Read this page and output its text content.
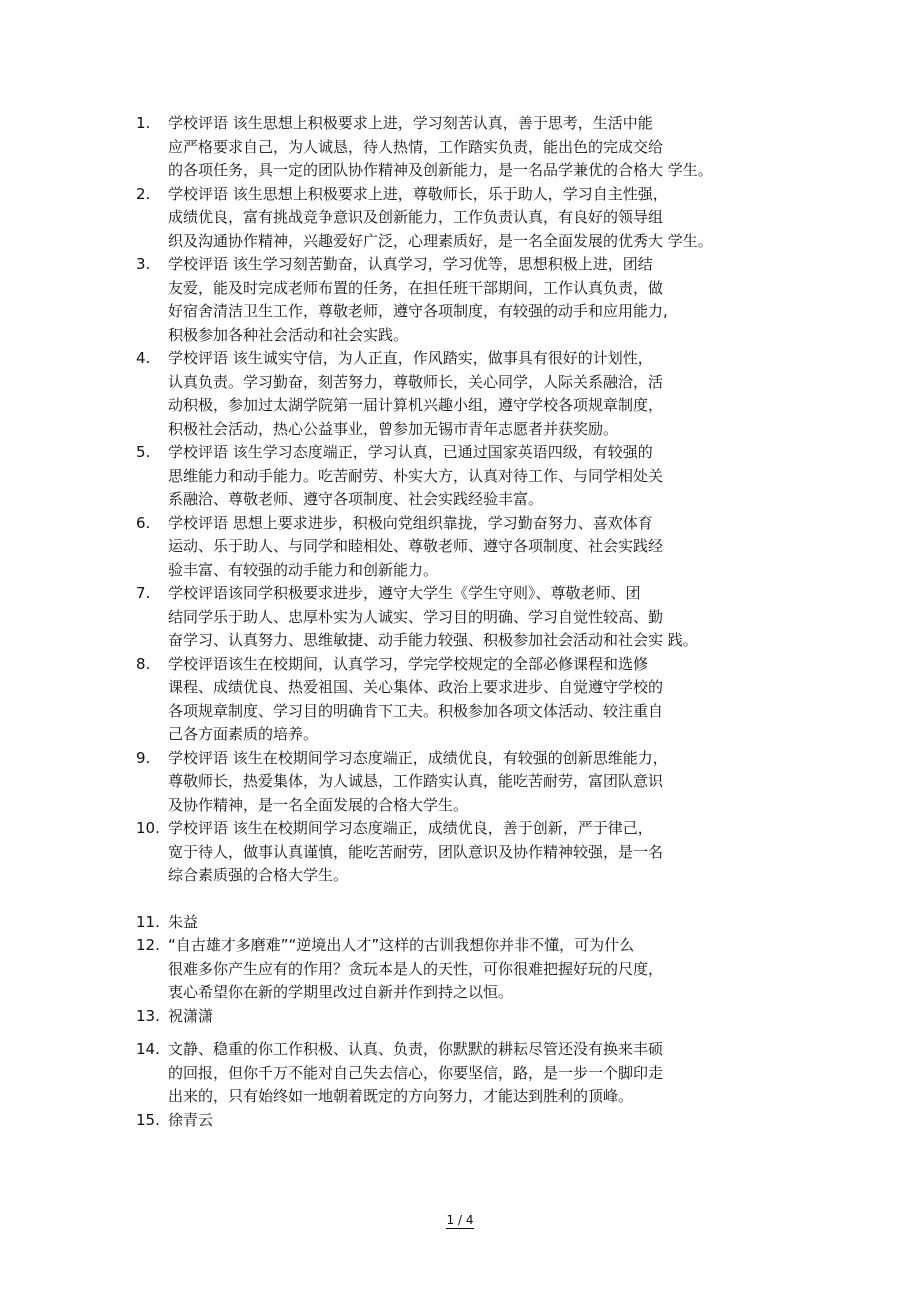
1. 学校评语 该生思想上积极要求上进，学习刻苦认真，善于思考，生活中能
应严格要求自己，为人诚恳，待人热情，工作踏实负责，能出色的完成交给
的各项任务，具一定的团队协作精神及创新能力，是一名品学兼优的合格大 学生。
2. 学校评语 该生思想上积极要求上进，尊敬师长，乐于助人，学习自主性强，
成绩优良，富有挑战竞争意识及创新能力，工作负责认真，有良好的领导组
织及沟通协作精神，兴趣爱好广泛，心理素质好，是一名全面发展的优秀大 学生。
3. 学校评语 该生学习刻苦勤奋，认真学习，学习优等，思想积极上进，团结
友爱，能及时完成老师布置的任务，在担任班干部期间，工作认真负责，做
好宿舍清洁卫生工作，尊敬老师，遵守各项制度，有较强的动手和应用能力,
积极参加各种社会活动和社会实践。
4. 学校评语 该生诚实守信，为人正直，作风踏实，做事具有很好的计划性，
认真负责。学习勤奋，刻苦努力，尊敬师长，关心同学，人际关系融洽，活
动积极，参加过太湖学院第一届计算机兴趣小组，遵守学校各项规章制度，
积极社会活动，热心公益事业，曾参加无锡市青年志愿者并获奖励。
5. 学校评语 该生学习态度端正，学习认真，已通过国家英语四级，有较强的
思维能力和动手能力。吃苦耐劳、朴实大方，认真对待工作、与同学相处关
系融洽、尊敬老师、遵守各项制度、社会实践经验丰富。
6. 学校评语 思想上要求进步，积极向党组织靠拢，学习勤奋努力、喜欢体育
运动、乐于助人、与同学和睦相处、尊敬老师、遵守各项制度、社会实践经
验丰富、有较强的动手能力和创新能力。
7. 学校评语该同学积极要求进步，遵守大学生《学生守则》、尊敬老师、团
结同学乐于助人、忠厚朴实为人诚实、学习目的明确、学习自觉性较高、勤
奋学习、认真努力、思维敏捷、动手能力较强、积极参加社会活动和社会实 践。
8. 学校评语该生在校期间，认真学习，学完学校规定的全部必修课程和选修
课程、成绩优良、热爱祖国、关心集体、政治上要求进步、自觉遵守学校的
各项规章制度、学习目的明确肯下工夫。积极参加各项文体活动、较注重自
己各方面素质的培养。
9. 学校评语 该生在校期间学习态度端正，成绩优良，有较强的创新思维能力，
尊敬师长，热爱集体，为人诚恳，工作踏实认真，能吃苦耐劳，富团队意识
及协作精神，是一名全面发展的合格大学生。
10. 学校评语 该生在校期间学习态度端正，成绩优良，善于创新，严于律己，
宽于待人，做事认真谨慎，能吃苦耐劳，团队意识及协作精神较强，是一名
综合素质强的合格大学生。
11. 朱益
12. “自古雄才多磨难”“逆境出人才”这样的古训我想你并非不懂，可为什么
很难多你产生应有的作用？贪玩本是人的天性，可你很难把握好玩的尺度，
衷心希望你在新的学期里改过自新并作到持之以恒。
13. 祝潇潇
14. 文静、稳重的你工作积极、认真、负责，你默默的耕耘尽管还没有换来丰硕
的回报，但你千万不能对自己失去信心，你要坚信，路，是一步一个脚印走
出来的，只有始终如一地朝着既定的方向努力，才能达到胜利的顶峰。
15. 徐青云
1 / 4
